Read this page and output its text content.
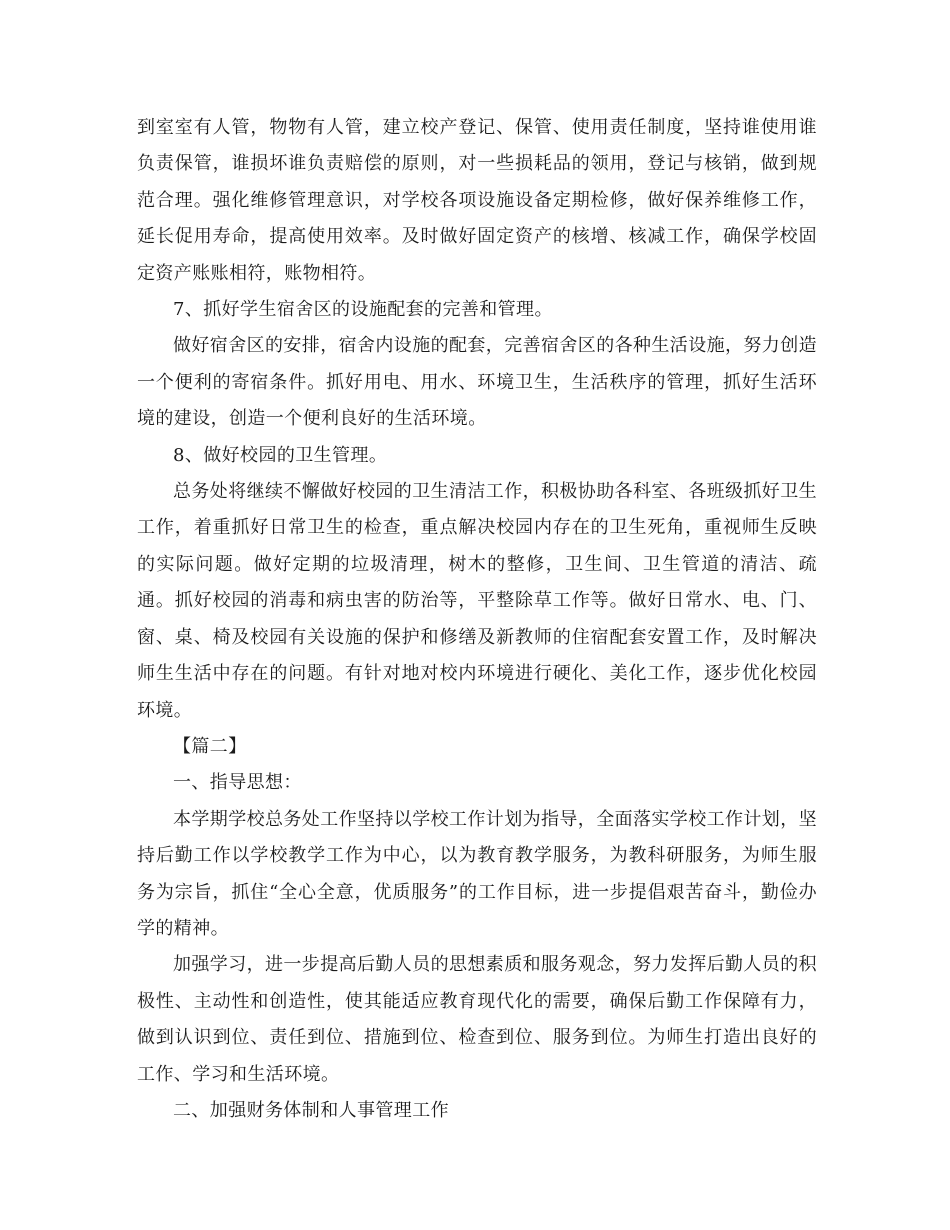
到室室有人管，物物有人管，建立校产登记、保管、使用责任制度，坚持谁使用谁负责保管，谁损坏谁负责赔偿的原则，对一些损耗品的领用，登记与核销，做到规范合理。强化维修管理意识，对学校各项设施设备定期检修，做好保养维修工作，延长促用寿命，提高使用效率。及时做好固定资产的核增、核减工作，确保学校固定资产账账相符，账物相符。

7、抓好学生宿舍区的设施配套的完善和管理。

做好宿舍区的安排，宿舍内设施的配套，完善宿舍区的各种生活设施，努力创造一个便利的寄宿条件。抓好用电、用水、环境卫生，生活秩序的管理，抓好生活环境的建设，创造一个便利良好的生活环境。

8、做好校园的卫生管理。

总务处将继续不懈做好校园的卫生清洁工作，积极协助各科室、各班级抓好卫生工作，着重抓好日常卫生的检查，重点解决校园内存在的卫生死角，重视师生反映的实际问题。做好定期的垃圾清理，树木的整修，卫生间、卫生管道的清洁、疏通。抓好校园的消毒和病虫害的防治等，平整除草工作等。做好日常水、电、门、窗、桌、椅及校园有关设施的保护和修缮及新教师的住宿配套安置工作，及时解决师生生活中存在的问题。有针对地对校内环境进行硬化、美化工作，逐步优化校园环境。

【篇二】

一、指导思想：

本学期学校总务处工作坚持以学校工作计划为指导，全面落实学校工作计划，坚持后勤工作以学校教学工作为中心，以为教育教学服务，为教科研服务，为师生服务为宗旨，抓住“全心全意，优质服务”的工作目标，进一步提倡艰苦奋斗，勤俭办学的精神。

加强学习，进一步提高后勤人员的思想素质和服务观念，努力发挥后勤人员的积极性、主动性和创造性，使其能适应教育现代化的需要，确保后勤工作保障有力，做到认识到位、责任到位、措施到位、检查到位、服务到位。为师生打造出良好的工作、学习和生活环境。

二、加强财务体制和人事管理工作
